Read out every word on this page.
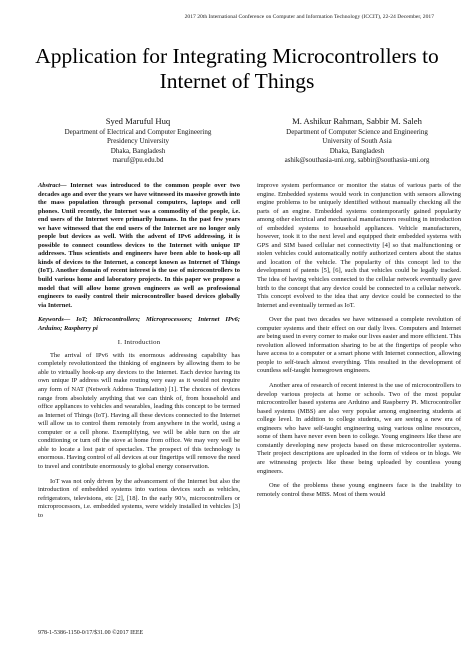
2017 20th International Conference on Computer and Information Technology (ICCIT), 22-24 December, 2017
Application for Integrating Microcontrollers to
Internet of Things
Syed Maruful Huq
Department of Electrical and Computer Engineering
Presidency University
Dhaka, Bangladesh
maruf@pu.edu.bd
M. Ashikur Rahman, Sabbir M. Saleh
Department of Computer Science and Engineering
University of South Asia
Dhaka, Bangladesh
ashik@southasia-uni.org, sabbir@southasia-uni.org

Abstract— Internet was introduced to the common people over two decades ago and over the years we have witnessed its massive growth into the mass population through personal computers, laptops and cell phones. Until recently, the Internet was a commodity of the people, i.e. end users of the Internet were primarily humans. In the past few years we have witnessed that the end users of the Internet are no longer only people but devices as well. With the advent of IPv6 addressing, it is possible to connect countless devices to the Internet with unique IP addresses. Thus scientists and engineers have been able to hook-up all kinds of devices to the Internet, a concept known as Internet of Things (IoT). Another domain of recent interest is the use of microcontrollers to build various home and laboratory projects. In this paper we propose a model that will allow home grown engineers as well as professional engineers to easily control their microcontroller based devices globally via Internet.

Keywords— IoT; Microcontrollers; Microprocessors; Internet IPv6; Arduino; Raspberry pi

I. Introduction

The arrival of IPv6 with its enormous addressing capability has completely revolutionized the thinking of engineers by allowing them to be able to virtually hook-up any devices to the Internet. Each device having its own unique IP address will make routing very easy as it would not require any form of NAT (Network Address Translation) [1]. The choices of devices range from absolutely anything that we can think of, from household and office appliances to vehicles and wearables, leading this concept to be termed as Internet of Things (IoT). Having all these devices connected to the Internet will allow us to control them remotely from anywhere in the world, using a computer or a cell phone. Exemplifying, we will be able turn on the air conditioning or turn off the stove at home from office. We may very well be able to locate a lost pair of spectacles. The prospect of this technology is enormous. Having control of all devices at our fingertips will remove the need to travel and contribute enormously to global energy conservation.

IoT was not only driven by the advancement of the Internet but also the introduction of embedded systems into various devices such as vehicles, refrigerators, televisions, etc [2], [18]. In the early 90’s, microcontrollers or microprocessors, i.e. embedded systems, were widely installed in vehicles [3] to

improve system performance or monitor the status of various parts of the engine. Embedded systems would work in conjunction with sensors allowing engine problems to be uniquely identified without manually checking all the parts of an engine. Embedded systems contemporarily gained popularity among other electrical and mechanical manufacturers resulting in introduction of embedded systems to household appliances. Vehicle manufacturers, however, took it to the next level and equipped their embedded systems with GPS and SIM based cellular net connectivity [4] so that malfunctioning or stolen vehicles could automatically notify authorized centers about the status and location of the vehicle. The popularity of this concept led to the development of patents [5], [6], such that vehicles could be legally tracked. The idea of having vehicles connected to the cellular network eventually gave birth to the concept that any device could be connected to a cellular network. This concept evolved to the idea that any device could be connected to the Internet and eventually termed as IoT.

Over the past two decades we have witnessed a complete revolution of computer systems and their effect on our daily lives. Computers and Internet are being used in every corner to make our lives easier and more efficient. This revolution allowed information sharing to be at the fingertips of people who have access to a computer or a smart phone with Internet connection, allowing people to self-teach almost everything. This resulted in the development of countless self-taught homegrown engineers.

Another area of research of recent interest is the use of microcontrollers to develop various projects at home or schools. Two of the most popular microcontroller based systems are Arduino and Raspberry Pi. Microcontroller based systems (MBS) are also very popular among engineering students at college level. In addition to college students, we are seeing a new era of engineers who have self-taught engineering using various online resources, some of them have never even been to college. Young engineers like these are constantly developing new projects based on these microcontroller systems. Their project descriptions are uploaded in the form of videos or in blogs. We are witnessing projects like these being uploaded by countless young engineers.

One of the problems these young engineers face is the inability to remotely control these MBS. Most of them would

978-1-5386-1150-0/17/$31.00 ©2017 IEEE
